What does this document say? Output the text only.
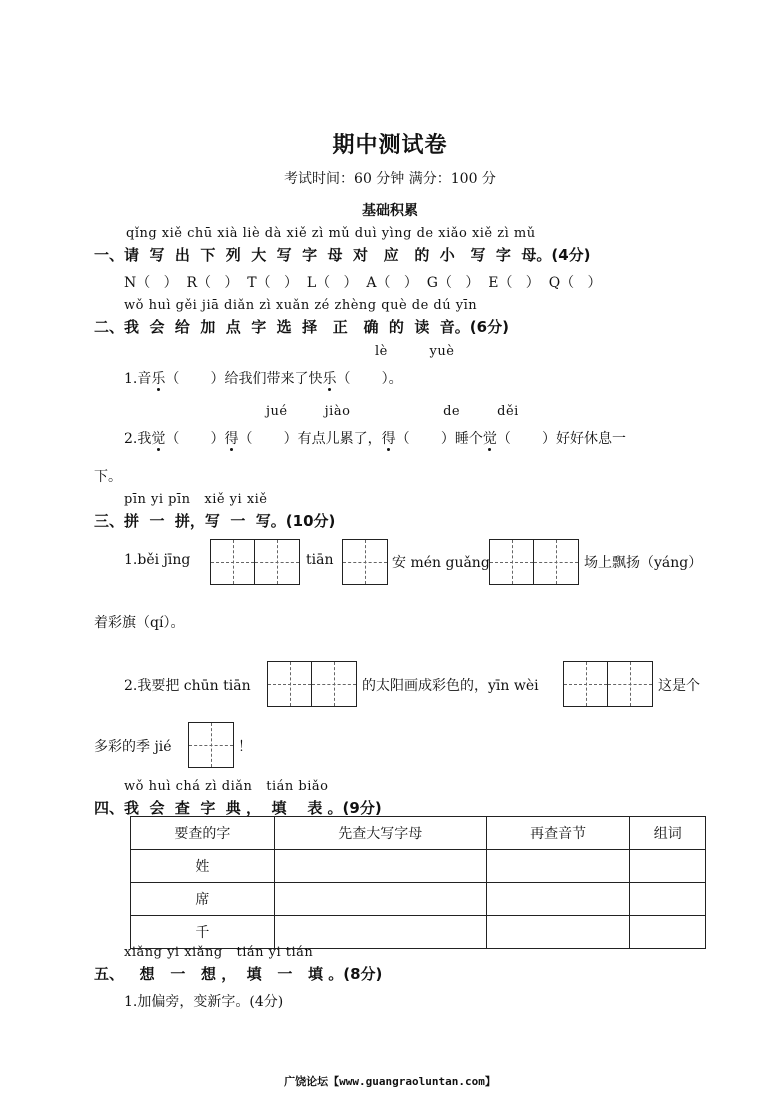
期中测试卷
考试时间：60 分钟 满分：100 分
基础积累
qǐng xiě chū xià liè dà xiě zì mǔ duì yìng de xiǎo xiě zì mǔ
一、请  写  出  下  列  大  写  字  母  对   应   的  小   写  字  母。(4分)
N（   ）  R（   ）  T（   ）  L（   ）  A（   ）  G（   ）  E（   ）  Q（   ）
wǒ huì gěi jiā diǎn zì xuǎn zé zhèng què de dú yīn
二、我  会  给  加  点  字  选  择   正   确  的  读  音。(6分)
lè         yuè
1.音乐（       ）给我们带来了快乐（       ）。
jué        jiào                    de        děi
2.我觉（       ）得（       ）有点儿累了，得（       ）睡个觉（       ）好好休息一
下。
pīn yi pīn   xiě yi xiě
三、拼  一  拼，写  一  写。(10分)
1.běi jīng	tiān	安 mén guǎng	场上飘扬（yáng）
着彩旗（qí）。
2.我要把 chūn tiān	的太阳画成彩色的，yīn wèi	这是个
多彩的季 jié	！
wǒ huì chá zì diǎn   tián biǎo
四、我  会  查  字  典 ，  填    表 。(9分)
要查的字	先查大写字母	再查音节	组词
姓			
席			
千			
xiǎng yi xiǎng   tián yi tián
五、   想   一   想 ，  填   一   填 。(8分)
1.加偏旁，变新字。(4分)
广饶论坛【www.guangraoluntan.com】
